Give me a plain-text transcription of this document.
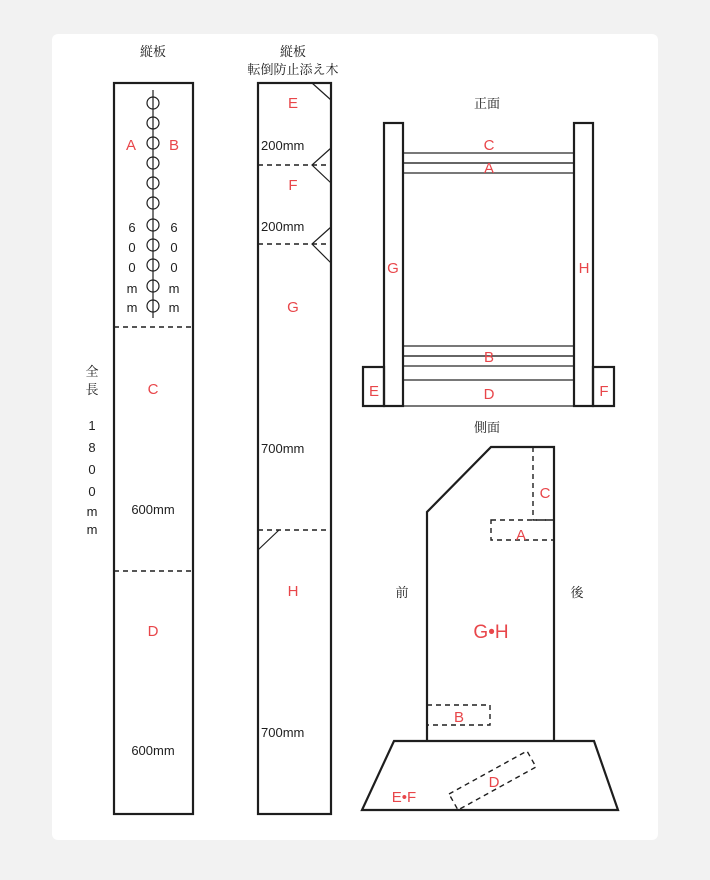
縦板
A B
6
0
0
m
m
6
0
0
m
m
C
600mm
D
600mm
全
長
1
8
0
0
m
m
縦板
転倒防止添え木
E
200mm
F
200mm
G
700mm
H
700mm
正面
C
A
G	H
B
D
E	F
側面
前	後
C
A
G•H
B
D
E•F
